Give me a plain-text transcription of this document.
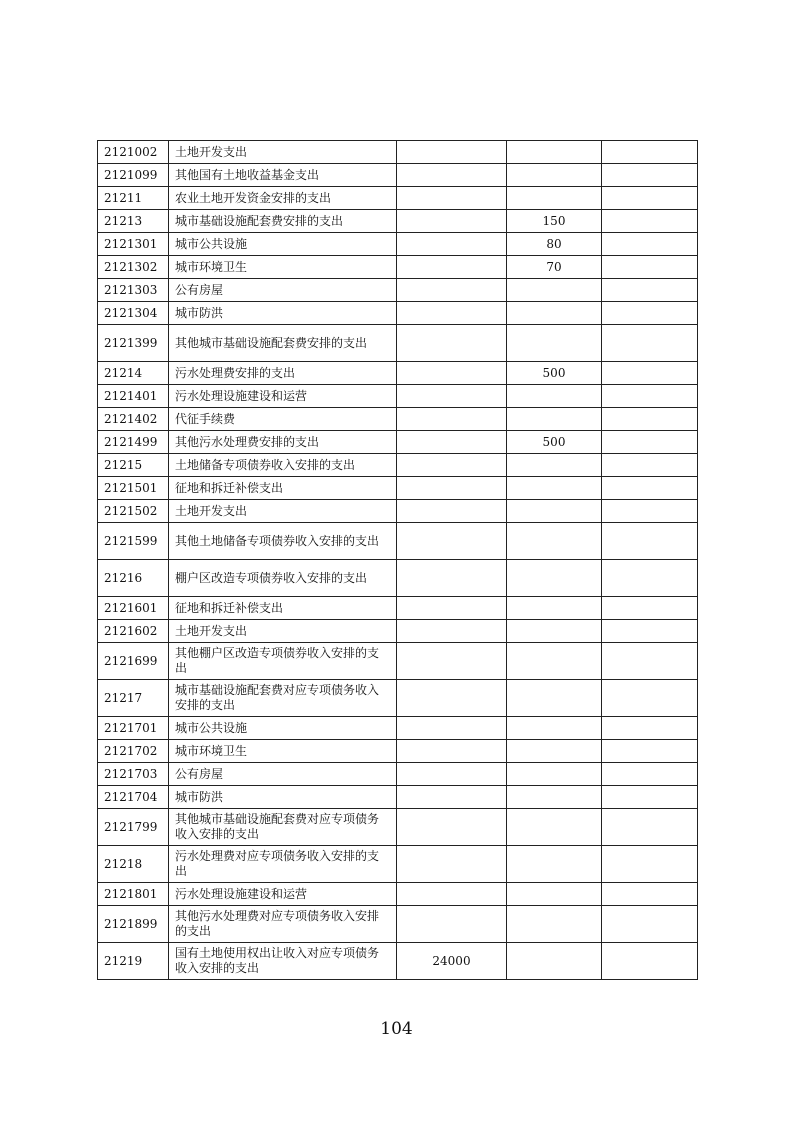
2121002	土地开发支出			
2121099	其他国有土地收益基金支出			
21211	农业土地开发资金安排的支出			
21213	城市基础设施配套费安排的支出		150	
2121301	城市公共设施		80	
2121302	城市环境卫生		70	
2121303	公有房屋			
2121304	城市防洪			
2121399	其他城市基础设施配套费安排的支出			
21214	污水处理费安排的支出		500	
2121401	污水处理设施建设和运营			
2121402	代征手续费			
2121499	其他污水处理费安排的支出		500	
21215	土地储备专项债券收入安排的支出			
2121501	征地和拆迁补偿支出			
2121502	土地开发支出			
2121599	其他土地储备专项债券收入安排的支出			
21216	棚户区改造专项债券收入安排的支出			
2121601	征地和拆迁补偿支出			
2121602	土地开发支出			
2121699	其他棚户区改造专项债券收入安排的支出			
21217	城市基础设施配套费对应专项债务收入安排的支出			
2121701	城市公共设施			
2121702	城市环境卫生			
2121703	公有房屋			
2121704	城市防洪			
2121799	其他城市基础设施配套费对应专项债务收入安排的支出			
21218	污水处理费对应专项债务收入安排的支出			
2121801	污水处理设施建设和运营			
2121899	其他污水处理费对应专项债务收入安排的支出			
21219	国有土地使用权出让收入对应专项债务收入安排的支出	24000		
104
